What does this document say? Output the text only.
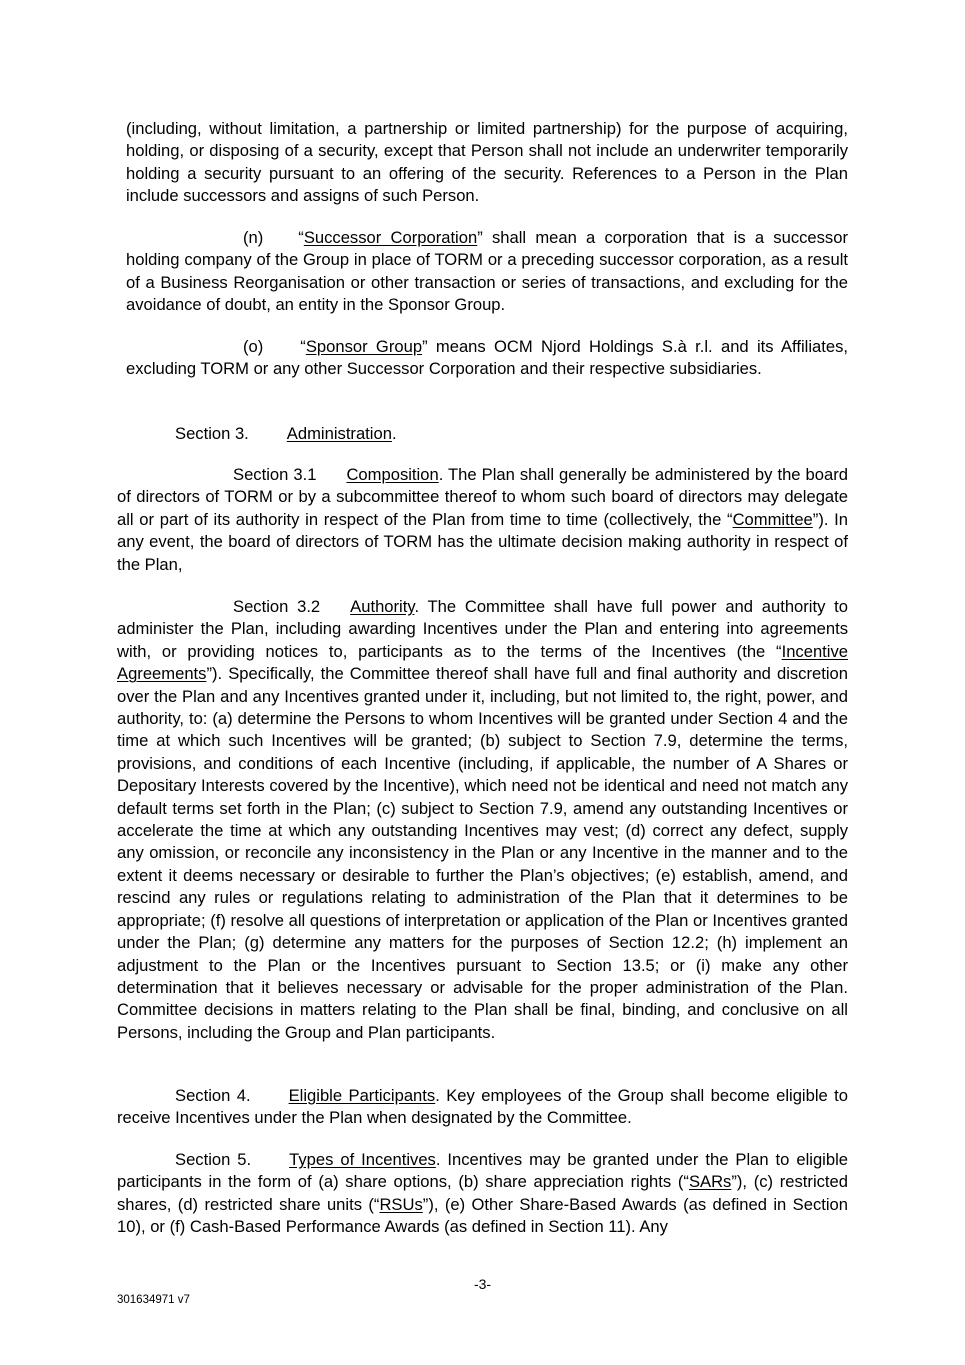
(including, without limitation, a partnership or limited partnership) for the purpose of acquiring, holding, or disposing of a security, except that Person shall not include an underwriter temporarily holding a security pursuant to an offering of the security. References to a Person in the Plan include successors and assigns of such Person.

(n) “Successor Corporation” shall mean a corporation that is a successor holding company of the Group in place of TORM or a preceding successor corporation, as a result of a Business Reorganisation or other transaction or series of transactions, and excluding for the avoidance of doubt, an entity in the Sponsor Group.

(o) “Sponsor Group” means OCM Njord Holdings S.à r.l. and its Affiliates, excluding TORM or any other Successor Corporation and their respective subsidiaries.

Section 3. Administration.

Section 3.1 Composition. The Plan shall generally be administered by the board of directors of TORM or by a subcommittee thereof to whom such board of directors may delegate all or part of its authority in respect of the Plan from time to time (collectively, the “Committee”). In any event, the board of directors of TORM has the ultimate decision making authority in respect of the Plan,

Section 3.2 Authority. The Committee shall have full power and authority to administer the Plan, including awarding Incentives under the Plan and entering into agreements with, or providing notices to, participants as to the terms of the Incentives (the “Incentive Agreements”). Specifically, the Committee thereof shall have full and final authority and discretion over the Plan and any Incentives granted under it, including, but not limited to, the right, power, and authority, to: (a) determine the Persons to whom Incentives will be granted under Section 4 and the time at which such Incentives will be granted; (b) subject to Section 7.9, determine the terms, provisions, and conditions of each Incentive (including, if applicable, the number of A Shares or Depositary Interests covered by the Incentive), which need not be identical and need not match any default terms set forth in the Plan; (c) subject to Section 7.9, amend any outstanding Incentives or accelerate the time at which any outstanding Incentives may vest; (d) correct any defect, supply any omission, or reconcile any inconsistency in the Plan or any Incentive in the manner and to the extent it deems necessary or desirable to further the Plan’s objectives; (e) establish, amend, and rescind any rules or regulations relating to administration of the Plan that it determines to be appropriate; (f) resolve all questions of interpretation or application of the Plan or Incentives granted under the Plan; (g) determine any matters for the purposes of Section 12.2; (h) implement an adjustment to the Plan or the Incentives pursuant to Section 13.5; or (i) make any other determination that it believes necessary or advisable for the proper administration of the Plan. Committee decisions in matters relating to the Plan shall be final, binding, and conclusive on all Persons, including the Group and Plan participants.

Section 4. Eligible Participants. Key employees of the Group shall become eligible to receive Incentives under the Plan when designated by the Committee.

Section 5. Types of Incentives. Incentives may be granted under the Plan to eligible participants in the form of (a) share options, (b) share appreciation rights (“SARs”), (c) restricted shares, (d) restricted share units (“RSUs”), (e) Other Share-Based Awards (as defined in Section 10), or (f) Cash-Based Performance Awards (as defined in Section 11). Any

-3-
301634971 v7
